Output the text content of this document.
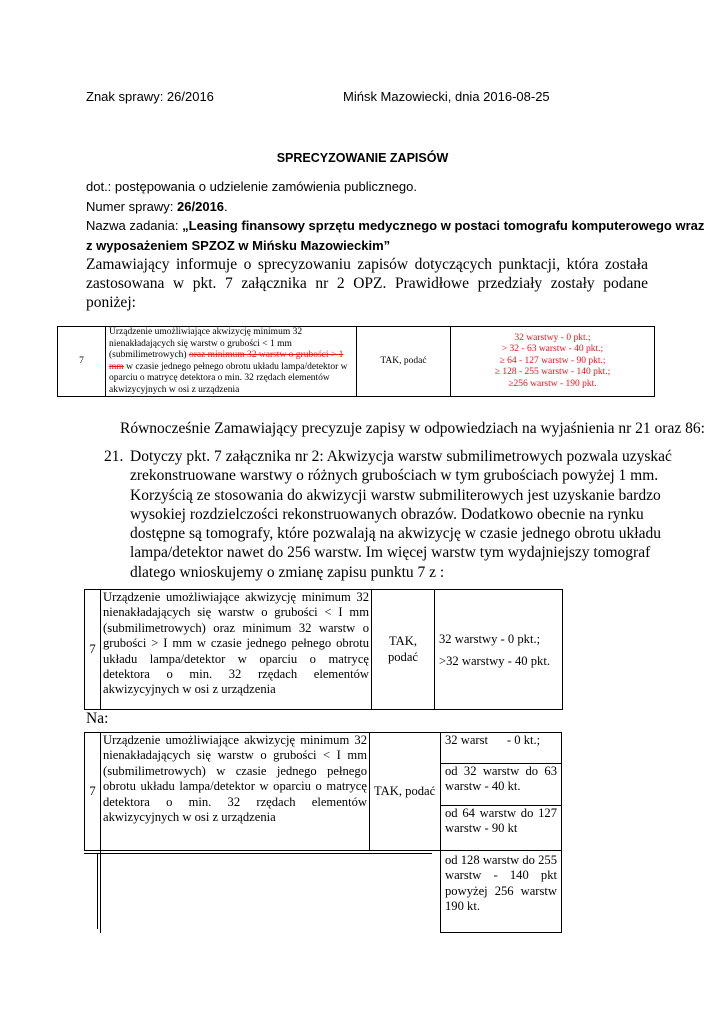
Znak sprawy: 26/2016	Mińsk Mazowiecki, dnia 2016-08-25
SPRECYZOWANIE ZAPISÓW
dot.: postępowania o udzielenie zamówienia publicznego.
Numer sprawy: 26/2016.
Nazwa zadania: „Leasing finansowy sprzętu medycznego w postaci tomografu komputerowego wraz
z wyposażeniem SPZOZ w Mińsku Mazowieckim”
Zamawiający informuje o sprecyzowaniu zapisów dotyczących punktacji, która została zastosowana w pkt. 7 załącznika nr 2 OPZ. Prawidłowe przedziały zostały podane poniżej:
7	Urządzenie umożliwiające akwizycję minimum 32 nienakładających się warstw o grubości < 1 mm (submilimetrowych) oraz minimum 32 warstw o grubości > 1 mm w czasie jednego pełnego obrotu układu lampa/detektor w oparciu o matrycę detektora o min. 32 rzędach elementów akwizycyjnych w osi z urządzenia	TAK, podać	
32 warstwy - 0 pkt.;
> 32 - 63 warstw - 40 pkt.;
≥ 64 - 127 warstw - 90 pkt.;
≥ 128 - 255 warstw - 140 pkt.;
≥256 warstw - 190 pkt.
Równocześnie Zamawiający precyzuje zapisy w odpowiedziach na wyjaśnienia nr 21 oraz 86:
21. Dotyczy pkt. 7 załącznika nr 2: Akwizycja warstw submilimetrowych pozwala uzyskać
zrekonstruowane warstwy o różnych grubościach w tym grubościach powyżej 1 mm.
Korzyścią ze stosowania do akwizycji warstw submiliterowych jest uzyskanie bardzo
wysokiej rozdzielczości rekonstruowanych obrazów. Dodatkowo obecnie na rynku
dostępne są tomografy, które pozwalają na akwizycję w czasie jednego obrotu układu
lampa/detektor nawet do 256 warstw. Im więcej warstw tym wydajniejszy tomograf
dlatego wnioskujemy o zmianę zapisu punktu 7 z :
7	Urządzenie umożliwiające akwizycję minimum 32 nienakładających się warstw o grubości < I mm (submilimetrowych) oraz minimum 32 warstw o grubości > I mm w czasie jednego pełnego obrotu układu lampa/detektor w oparciu o matrycę detektora o min. 32 rzędach elementów akwizycyjnych w osi z urządzenia	TAK, podać	
32 warstwy - 0 pkt.;
>32 warstwy - 40 pkt.
Na:
7	Urządzenie umożliwiające akwizycję minimum 32 nienakładających się warstw o grubości < I mm (submilimetrowych) w czasie jednego pełnego obrotu układu lampa/detektor w oparciu o matrycę detektora o min. 32 rzędach elementów akwizycyjnych w osi z urządzenia	TAK, podać	32 warst      - 0 kt.;
			od 32 warstw do 63 warstw - 40 kt.
			od 64 warstw do 127 warstw - 90 kt
			od 128 warstw do 255 warstw - 140 pkt powyżej 256 warstw 190 kt.
